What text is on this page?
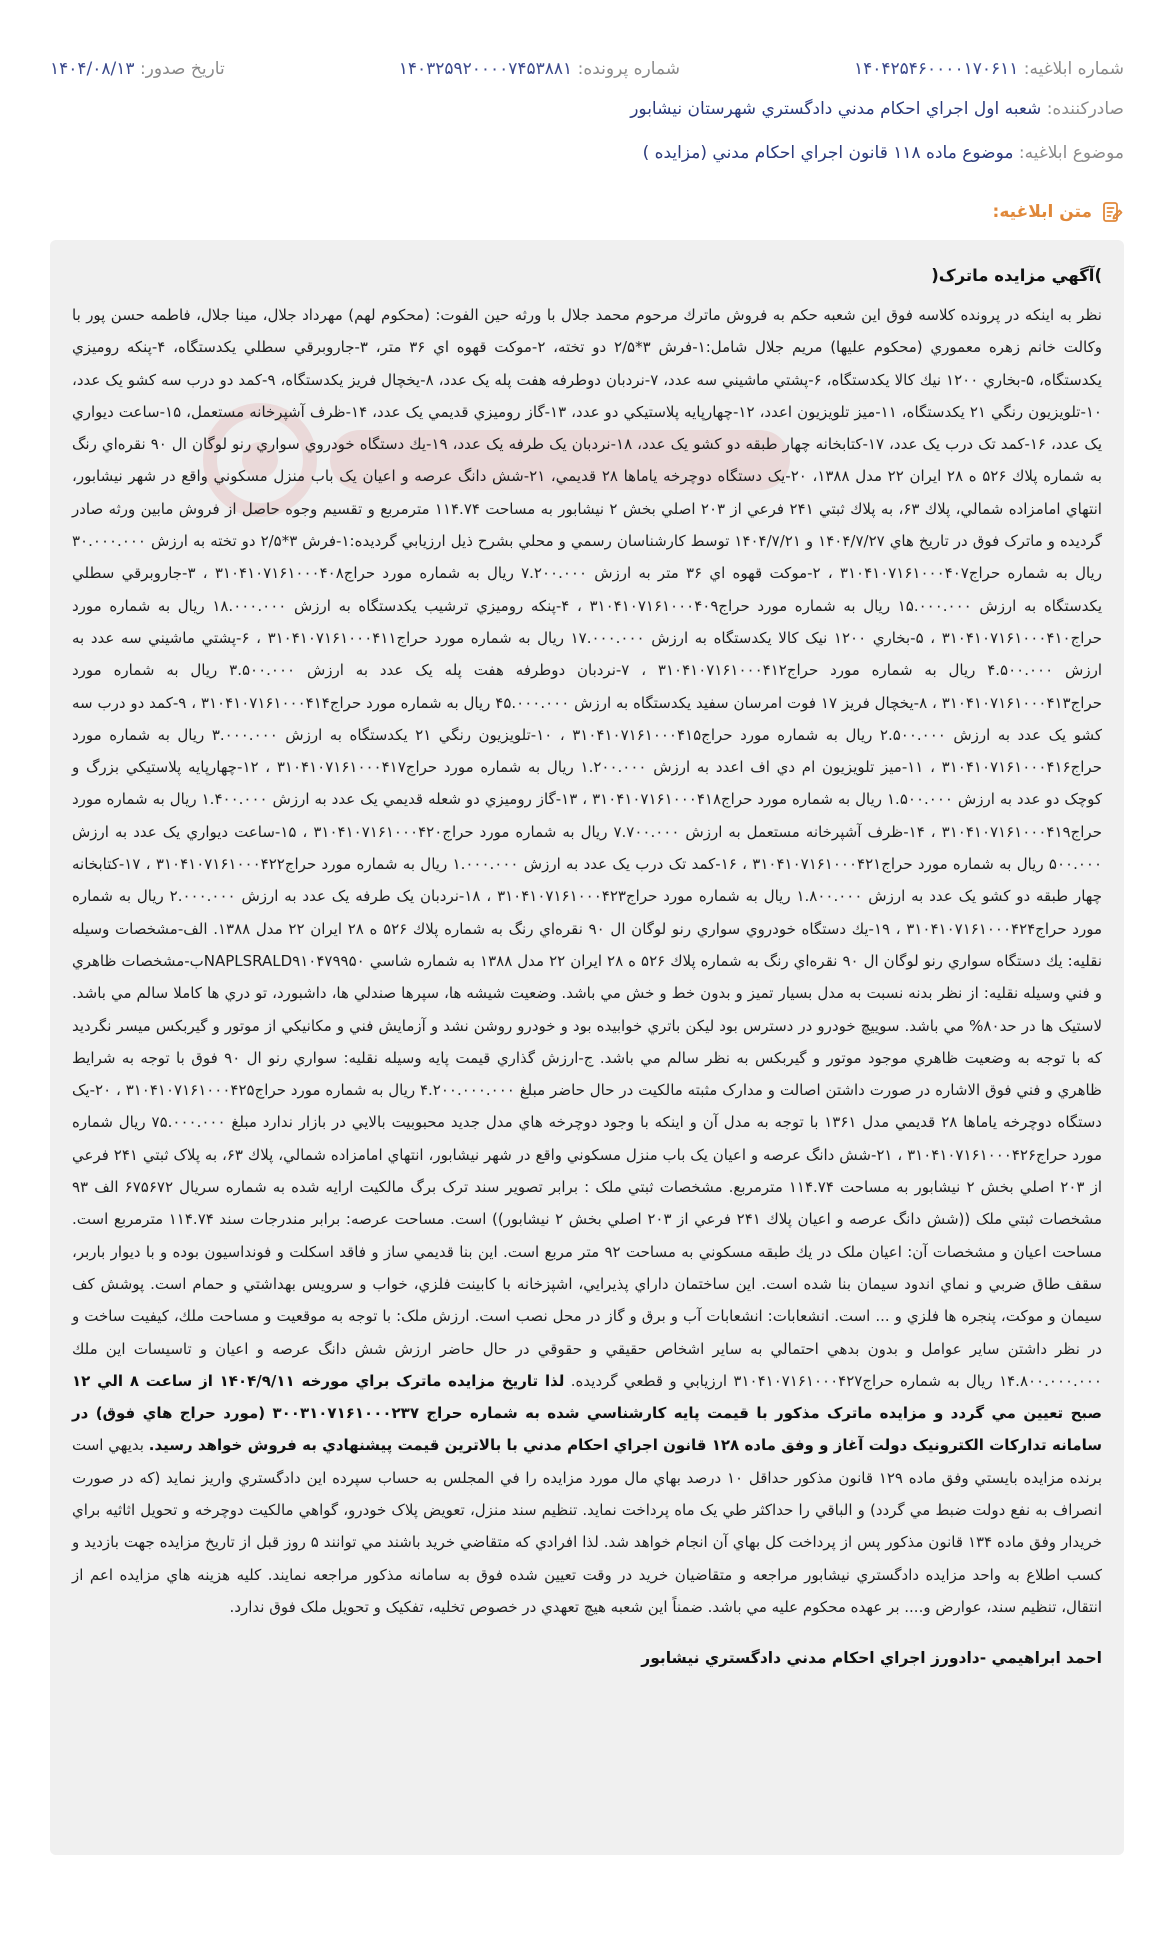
شماره ابلاغيه: ۱۴۰۴۲۵۴۶۰۰۰۰۱۷۰۶۱۱
شماره پرونده: ۱۴۰۳۲۵۹۲۰۰۰۰۷۴۵۳۸۸۱
تاريخ صدور: ۱۴۰۴/۰۸/۱۳
صادرکننده: شعبه اول اجراي احكام مدني دادگستري شهرستان نيشابور
موضوع ابلاغيه: موضوع ماده ۱۱۸ قانون اجراي احکام مدني (مزايده )
متن ابلاغيه:
)آگهي مزايده ماترک(

نظر به اينكه در پرونده كلاسه فوق اين شعبه حكم به فروش ماترك مرحوم محمد جلال با ورثه حين الفوت: (محكوم لهم) مهرداد جلال، مينا جلال، فاطمه حسن پور با وكالت خانم زهره معموري (محكوم عليها) مريم جلال شامل:۱-فرش ۳*۲/۵ دو تخته، ۲-موكت قهوه اي ۳۶ متر، ۳-جاروبرقي سطلي يكدستگاه، ۴-پنكه روميزي يكدستگاه، ۵-بخاري ۱۲۰۰ نيك كالا يكدستگاه، ۶-پشتي ماشيني سه عدد، ۷-نردبان دوطرفه هفت پله يک عدد، ۸-يخچال فريز يكدستگاه، ۹-كمد دو درب سه كشو يک عدد، ۱۰-تلويزيون رنگي ۲۱ يكدستگاه، ۱۱-ميز تلويزيون اعدد، ۱۲-چهارپايه پلاستيكي دو عدد، ۱۳-گاز روميزي قديمي يک عدد، ۱۴-ظرف آشپرخانه مستعمل، ۱۵-ساعت ديواري يک عدد، ۱۶-كمد تک درب يک عدد، ۱۷-كتابخانه چهار طبقه دو كشو يک عدد، ۱۸-نردبان يک طرفه يک عدد، ۱۹-يك دستگاه خودروي سواري رنو لوگان ال ۹۰ نقره‌اي رنگ به شماره پلاك ۵۲۶ ه ۲۸ ايران ۲۲ مدل ۱۳۸۸، ۲۰-يک دستگاه دوچرخه ياماها ۲۸ قديمي، ۲۱-شش دانگ عرصه و اعيان يک باب منزل مسكوني واقع در شهر نيشابور، انتهاي امامزاده شمالي، پلاك ۶۳، به پلاك ثبتي ۲۴۱ فرعي از ۲۰۳ اصلي بخش ۲ نيشابور به مساحت ۱۱۴.۷۴ مترمربع و تقسيم وجوه حاصل از فروش مابين ورثه صادر گرديده و ماترک فوق در تاريخ هاي ۱۴۰۴/۷/۲۷ و ۱۴۰۴/۷/۲۱ توسط كارشناسان رسمي و محلي بشرح ذيل ارزيابي گرديده:۱-فرش ۳*۲/۵ دو تخته به ارزش ۳۰.۰۰۰.۰۰۰ ريال به شماره حراج۳۱۰۴۱۰۷۱۶۱۰۰۰۴۰۷ ، ۲-موكت قهوه اي ۳۶ متر به ارزش ۷.۲۰۰.۰۰۰ ريال به شماره مورد حراج۳۱۰۴۱۰۷۱۶۱۰۰۰۴۰۸ ، ۳-جاروبرقي سطلي يكدستگاه به ارزش ۱۵.۰۰۰.۰۰۰ ريال به شماره مورد حراج۳۱۰۴۱۰۷۱۶۱۰۰۰۴۰۹ ، ۴-پنكه روميزي ترشيب يكدستگاه به ارزش ۱۸.۰۰۰.۰۰۰ ريال به شماره مورد حراج۳۱۰۴۱۰۷۱۶۱۰۰۰۴۱۰ ، ۵-بخاري ۱۲۰۰ نيک كالا يكدستگاه به ارزش ۱۷.۰۰۰.۰۰۰ ريال به شماره مورد حراج۳۱۰۴۱۰۷۱۶۱۰۰۰۴۱۱ ، ۶-پشتي ماشيني سه عدد به ارزش ۴.۵۰۰.۰۰۰ ريال به شماره مورد حراج۳۱۰۴۱۰۷۱۶۱۰۰۰۴۱۲ ، ۷-نردبان دوطرفه هفت پله يک عدد به ارزش ۳.۵۰۰.۰۰۰ ريال به شماره مورد حراج۳۱۰۴۱۰۷۱۶۱۰۰۰۴۱۳ ، ۸-يخچال فريز ۱۷ فوت امرسان سفيد يكدستگاه به ارزش ۴۵.۰۰۰.۰۰۰ ريال به شماره مورد حراج۳۱۰۴۱۰۷۱۶۱۰۰۰۴۱۴ ، ۹-كمد دو درب سه كشو يک عدد به ارزش ۲.۵۰۰.۰۰۰ ريال به شماره مورد حراج۳۱۰۴۱۰۷۱۶۱۰۰۰۴۱۵ ، ۱۰-تلويزيون رنگي ۲۱ يكدستگاه به ارزش ۳.۰۰۰.۰۰۰ ريال به شماره مورد حراج۳۱۰۴۱۰۷۱۶۱۰۰۰۴۱۶ ، ۱۱-ميز تلويزيون ام دي اف اعدد به ارزش ۱.۲۰۰.۰۰۰ ريال به شماره مورد حراج۳۱۰۴۱۰۷۱۶۱۰۰۰۴۱۷ ، ۱۲-چهارپايه پلاستيكي بزرگ و كوچک دو عدد به ارزش ۱.۵۰۰.۰۰۰ ريال به شماره مورد حراج۳۱۰۴۱۰۷۱۶۱۰۰۰۴۱۸ ، ۱۳-گاز روميزي دو شعله قديمي يک عدد به ارزش ۱.۴۰۰.۰۰۰ ريال به شماره مورد حراج۳۱۰۴۱۰۷۱۶۱۰۰۰۴۱۹ ، ۱۴-ظرف آشپرخانه مستعمل به ارزش ۷.۷۰۰.۰۰۰ ريال به شماره مورد حراج۳۱۰۴۱۰۷۱۶۱۰۰۰۴۲۰ ، ۱۵-ساعت ديواري يک عدد به ارزش ۵۰۰.۰۰۰ ريال به شماره مورد حراج۳۱۰۴۱۰۷۱۶۱۰۰۰۴۲۱ ، ۱۶-كمد تک درب يک عدد به ارزش ۱.۰۰۰.۰۰۰ ريال به شماره مورد حراج۳۱۰۴۱۰۷۱۶۱۰۰۰۴۲۲ ، ۱۷-كتابخانه چهار طبقه دو كشو يک عدد به ارزش ۱.۸۰۰.۰۰۰ ريال به شماره مورد حراج۳۱۰۴۱۰۷۱۶۱۰۰۰۴۲۳ ، ۱۸-نردبان يک طرفه يک عدد به ارزش ۲.۰۰۰.۰۰۰ ريال به شماره مورد حراج۳۱۰۴۱۰۷۱۶۱۰۰۰۴۲۴ ، ۱۹-يك دستگاه خودروي سواري رنو لوگان ال ۹۰ نقره‌اي رنگ به شماره پلاك ۵۲۶ ه ۲۸ ايران ۲۲ مدل ۱۳۸۸. الف-مشخصات وسيله نقليه: يك دستگاه سواري رنو لوگان ال ۹۰ نقره‌اي رنگ به شماره پلاك ۵۲۶ ه ۲۸ ايران ۲۲ مدل ۱۳۸۸ به شماره شاسي NAPLSRALD۹۱۰۴۷۹۹۵۰ب-مشخصات ظاهري و فني وسيله نقليه: از نظر بدنه نسبت به مدل بسيار تميز و بدون خط و خش مي باشد. وضعيت شيشه ها، سپرها صندلي ها، داشبورد، تو دري ها كاملا سالم مي باشد. لاستيک ها در حد۸۰% مي باشد. سوييچ خودرو در دسترس بود ليكن باتري خوابيده بود و خودرو روشن نشد و آزمايش فني و مكانيكي از موتور و گيربكس ميسر نگرديد كه با توجه به وضعيت ظاهري موجود موتور و گيربكس به نظر سالم مي باشد. ج-ارزش گذاري قيمت پايه وسيله نقليه: سواري رنو ال ۹۰ فوق با توجه به شرايط ظاهري و فني فوق الاشاره در صورت داشتن اصالت و مدارک مثبته مالكيت در حال حاضر مبلغ ۴.۲۰۰.۰۰۰.۰۰۰ ريال به شماره مورد حراج۳۱۰۴۱۰۷۱۶۱۰۰۰۴۲۵ ، ۲۰-يک دستگاه دوچرخه ياماها ۲۸ قديمي مدل ۱۳۶۱ با توجه به مدل آن و اينكه با وجود دوچرخه هاي مدل جديد محبوبيت بالايي در بازار ندارد مبلغ ۷۵.۰۰۰.۰۰۰ ريال شماره مورد حراج۳۱۰۴۱۰۷۱۶۱۰۰۰۴۲۶ ، ۲۱-شش دانگ عرصه و اعيان يک باب منزل مسكوني واقع در شهر نيشابور، انتهاي امامزاده شمالي، پلاك ۶۳، به پلاک ثبتي ۲۴۱ فرعي از ۲۰۳ اصلي بخش ۲ نيشابور به مساحت ۱۱۴.۷۴ مترمربع. مشخصات ثبتي ملک : برابر تصوير سند ترک برگ مالكيت ارايه شده به شماره سريال ۶۷۵۶۷۲ الف ۹۳ مشخصات ثبتي ملک ((شش دانگ عرصه و اعيان پلاك ۲۴۱ فرعي از ۲۰۳ اصلي بخش ۲ نيشابور)) است. مساحت عرصه: برابر مندرجات سند ۱۱۴.۷۴ مترمربع است. مساحت اعيان و مشخصات آن: اعيان ملک در يك طبقه مسكوني به مساحت ۹۲ متر مربع است. اين بنا قديمي ساز و فاقد اسكلت و فونداسيون بوده و با ديوار باربر، سقف طاق ضربي و نماي اندود سيمان بنا شده است. اين ساختمان داراي پذيرايي، اشپزخانه با كابينت فلزي، خواب و سرويس بهداشتي و حمام است. پوشش كف سيمان و موكت، پنجره ها فلزي و ... است. انشعابات: انشعابات آب و برق و گاز در محل نصب است. ارزش ملک: با توجه به موقعيت و مساحت ملك، كيفيت ساخت و در نظر داشتن ساير عوامل و بدون بدهي احتمالي به ساير اشخاص حقيقي و حقوقي در حال حاضر ارزش شش دانگ عرصه و اعيان و تاسيسات اين ملك ۱۴.۸۰۰.۰۰۰.۰۰۰ ريال به شماره حراج۳۱۰۴۱۰۷۱۶۱۰۰۰۴۲۷ ارزيابي و قطعي گرديده. لذا تاريخ مزايده ماترک براي مورخه ۱۴۰۴/۹/۱۱ از ساعت ۸ الي ۱۲ صبح تعيين مي گردد و مزايده ماترک مذکور با قيمت پايه کارشناسي شده به شماره حراج ۳۰۰۳۱۰۷۱۶۱۰۰۰۲۳۷ (مورد حراج هاي فوق) در سامانه تداركات الكترونيک دولت آغاز و وفق ماده ۱۲۸ قانون اجراي احكام مدني با بالاترين قيمت پيشنهادي به فروش خواهد رسيد. بديهي است برنده مزايده بايستي وفق ماده ۱۲۹ قانون مذكور حداقل ۱۰ درصد بهاي مال مورد مزايده را في المجلس به حساب سپرده اين دادگستري واريز نمايد (كه در صورت انصراف به نفع دولت ضبط مي گردد) و الباقي را حداكثر طي يک ماه پرداخت نمايد. تنظيم سند منزل، تعويض پلاک خودرو، گواهي مالكيت دوچرخه و تحويل اثاثيه براي خريدار وفق ماده ۱۳۴ قانون مذكور پس از پرداخت كل بهاي آن انجام خواهد شد. لذا افرادي كه متقاضي خريد باشند مي توانند ۵ روز قبل از تاريخ مزايده جهت بازديد و كسب اطلاع به واحد مزايده دادگستري نيشابور مراجعه و متقاضيان خريد در وقت تعيين شده فوق به سامانه مذكور مراجعه نمايند. كليه هزينه هاي مزايده اعم از انتقال، تنظيم سند، عوارض و.... بر عهده محكوم عليه مي باشد. ضمناً اين شعبه هيچ تعهدي در خصوص تخليه، تفكيک و تحويل ملک فوق ندارد.

احمد ابراهيمي -دادورز اجراي احكام مدني دادگستري نيشابور
